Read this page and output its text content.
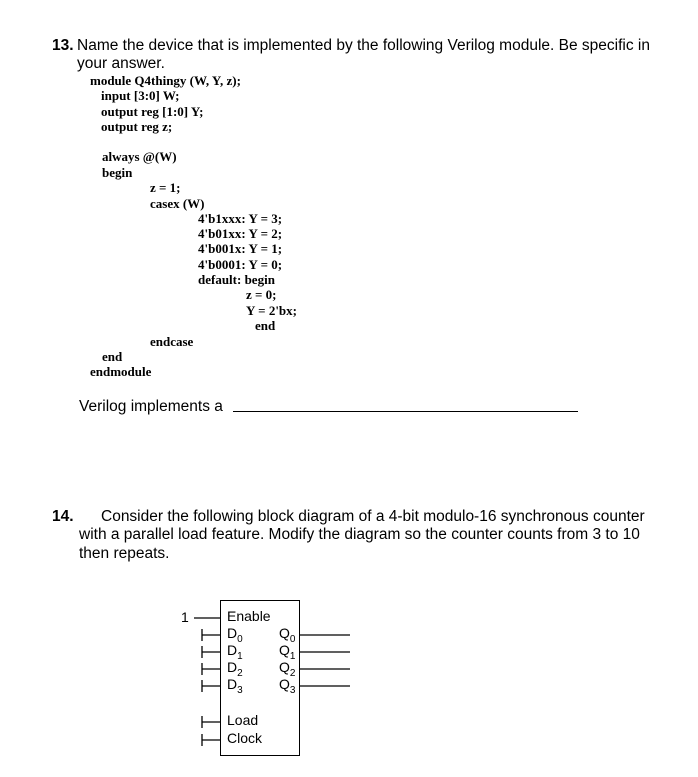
13. Name the device that is implemented by the following Verilog module. Be specific in
your answer.
module Q4thingy (W, Y, z);
input [3:0] W;
output reg [1:0] Y;
output reg z;
always @(W)
begin
z = 1;
casex (W)
4'b1xxx: Y = 3;
4'b01xx: Y = 2;
4'b001x: Y = 1;
4'b0001: Y = 0;
default: begin
z = 0;
Y = 2'bx;
end
endcase
end
endmodule
Verilog implements a
14. Consider the following block diagram of a 4-bit modulo-16 synchronous counter
with a parallel load feature. Modify the diagram so the counter counts from 3 to 10
then repeats.
1	Enable
$D_0$
$D_1$
$D_2$
$D_3$
$Q_0$
$Q_1$
$Q_2$
$Q_3$
Load
Clock
